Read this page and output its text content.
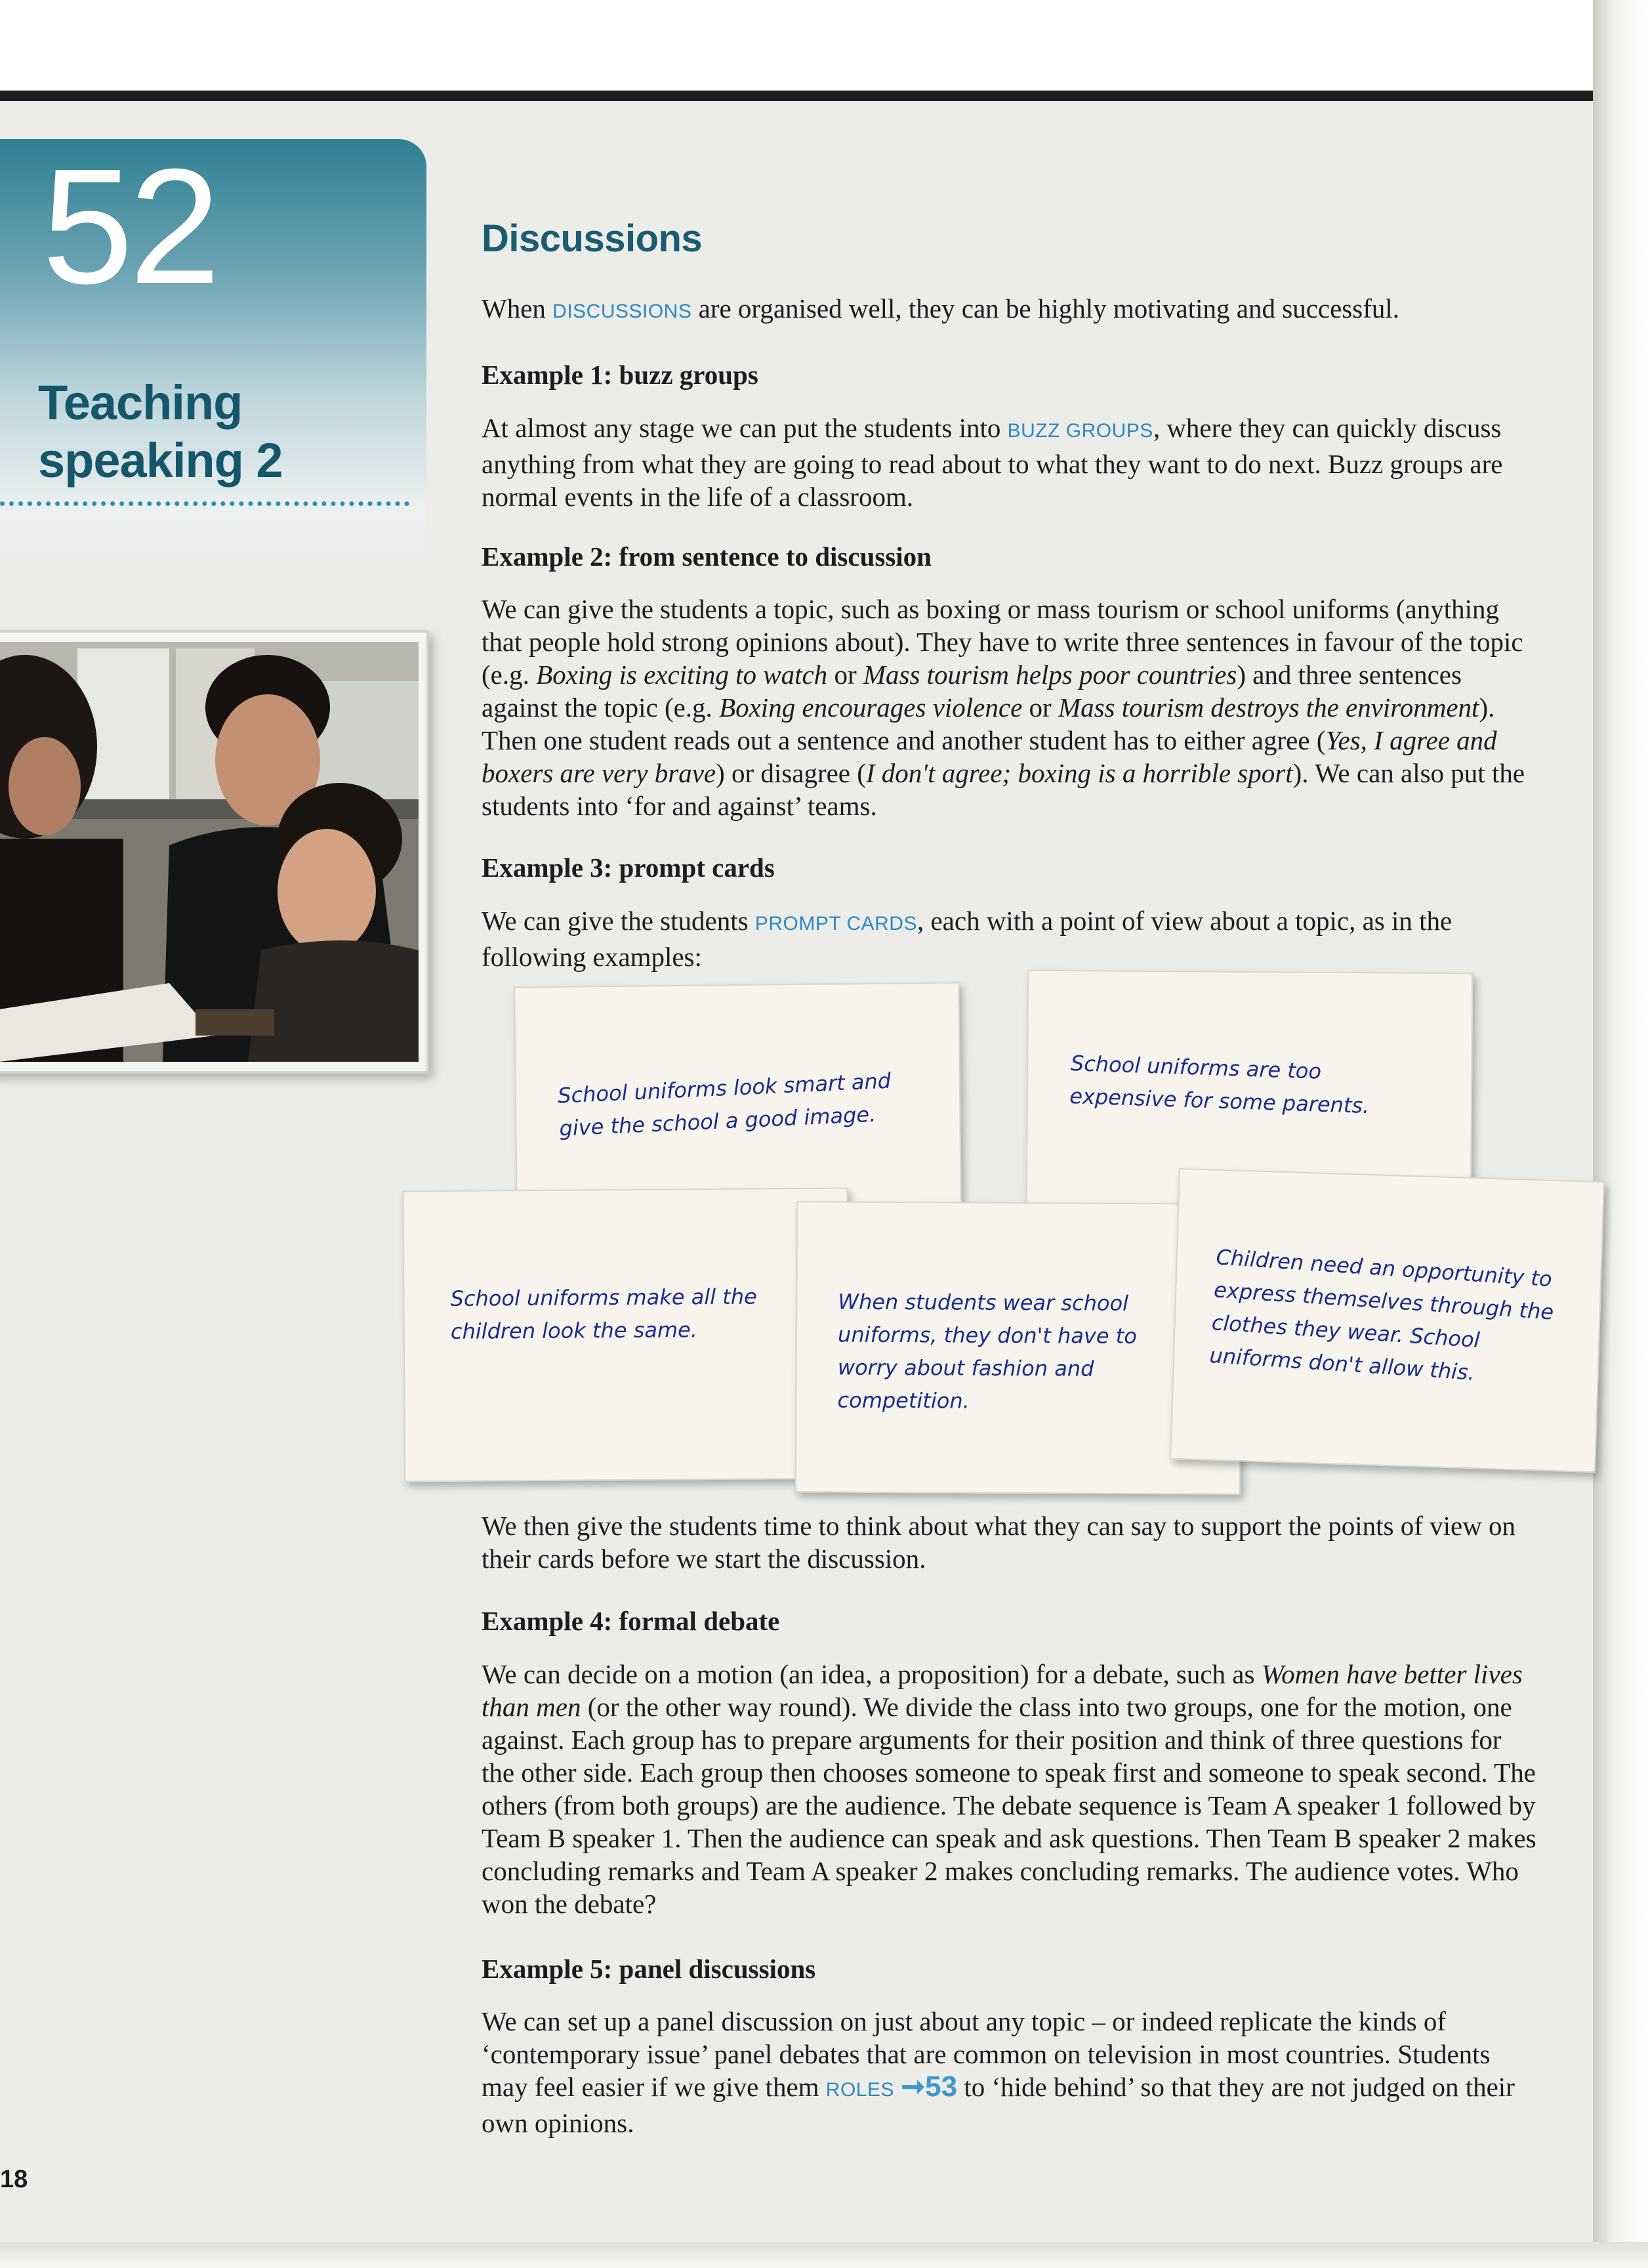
52
Teaching speaking 2
Discussions

When DISCUSSIONS are organised well, they can be highly motivating and successful.

Example 1: buzz groups

At almost any stage we can put the students into BUZZ GROUPS, where they can quickly discuss anything from what they are going to read about to what they want to do next. Buzz groups are normal events in the life of a classroom.

Example 2: from sentence to discussion

We can give the students a topic, such as boxing or mass tourism or school uniforms (anything that people hold strong opinions about). They have to write three sentences in favour of the topic (e.g. Boxing is exciting to watch or Mass tourism helps poor countries) and three sentences against the topic (e.g. Boxing encourages violence or Mass tourism destroys the environment). Then one student reads out a sentence and another student has to either agree (Yes, I agree and boxers are very brave) or disagree (I don't agree; boxing is a horrible sport). We can also put the students into ‘for and against’ teams.

Example 3: prompt cards

We can give the students PROMPT CARDS, each with a point of view about a topic, as in the following examples:

School uniforms look smart and give the school a good image.
School uniforms are too expensive for some parents.
School uniforms make all the children look the same.
When students wear school uniforms, they don't have to worry about fashion and competition.
Children need an opportunity to express themselves through the clothes they wear. School uniforms don't allow this.

We then give the students time to think about what they can say to support the points of view on their cards before we start the discussion.

Example 4: formal debate

We can decide on a motion (an idea, a proposition) for a debate, such as Women have better lives than men (or the other way round). We divide the class into two groups, one for the motion, one against. Each group has to prepare arguments for their position and think of three questions for the other side. Each group then chooses someone to speak first and someone to speak second. The others (from both groups) are the audience. The debate sequence is Team A speaker 1 followed by Team B speaker 1. Then the audience can speak and ask questions. Then Team B speaker 2 makes concluding remarks and Team A speaker 2 makes concluding remarks. The audience votes. Who won the debate?

Example 5: panel discussions

We can set up a panel discussion on just about any topic – or indeed replicate the kinds of ‘contemporary issue’ panel debates that are common on television in most countries. Students may feel easier if we give them ROLES ➞53 to ‘hide behind’ so that they are not judged on their own opinions.

18
